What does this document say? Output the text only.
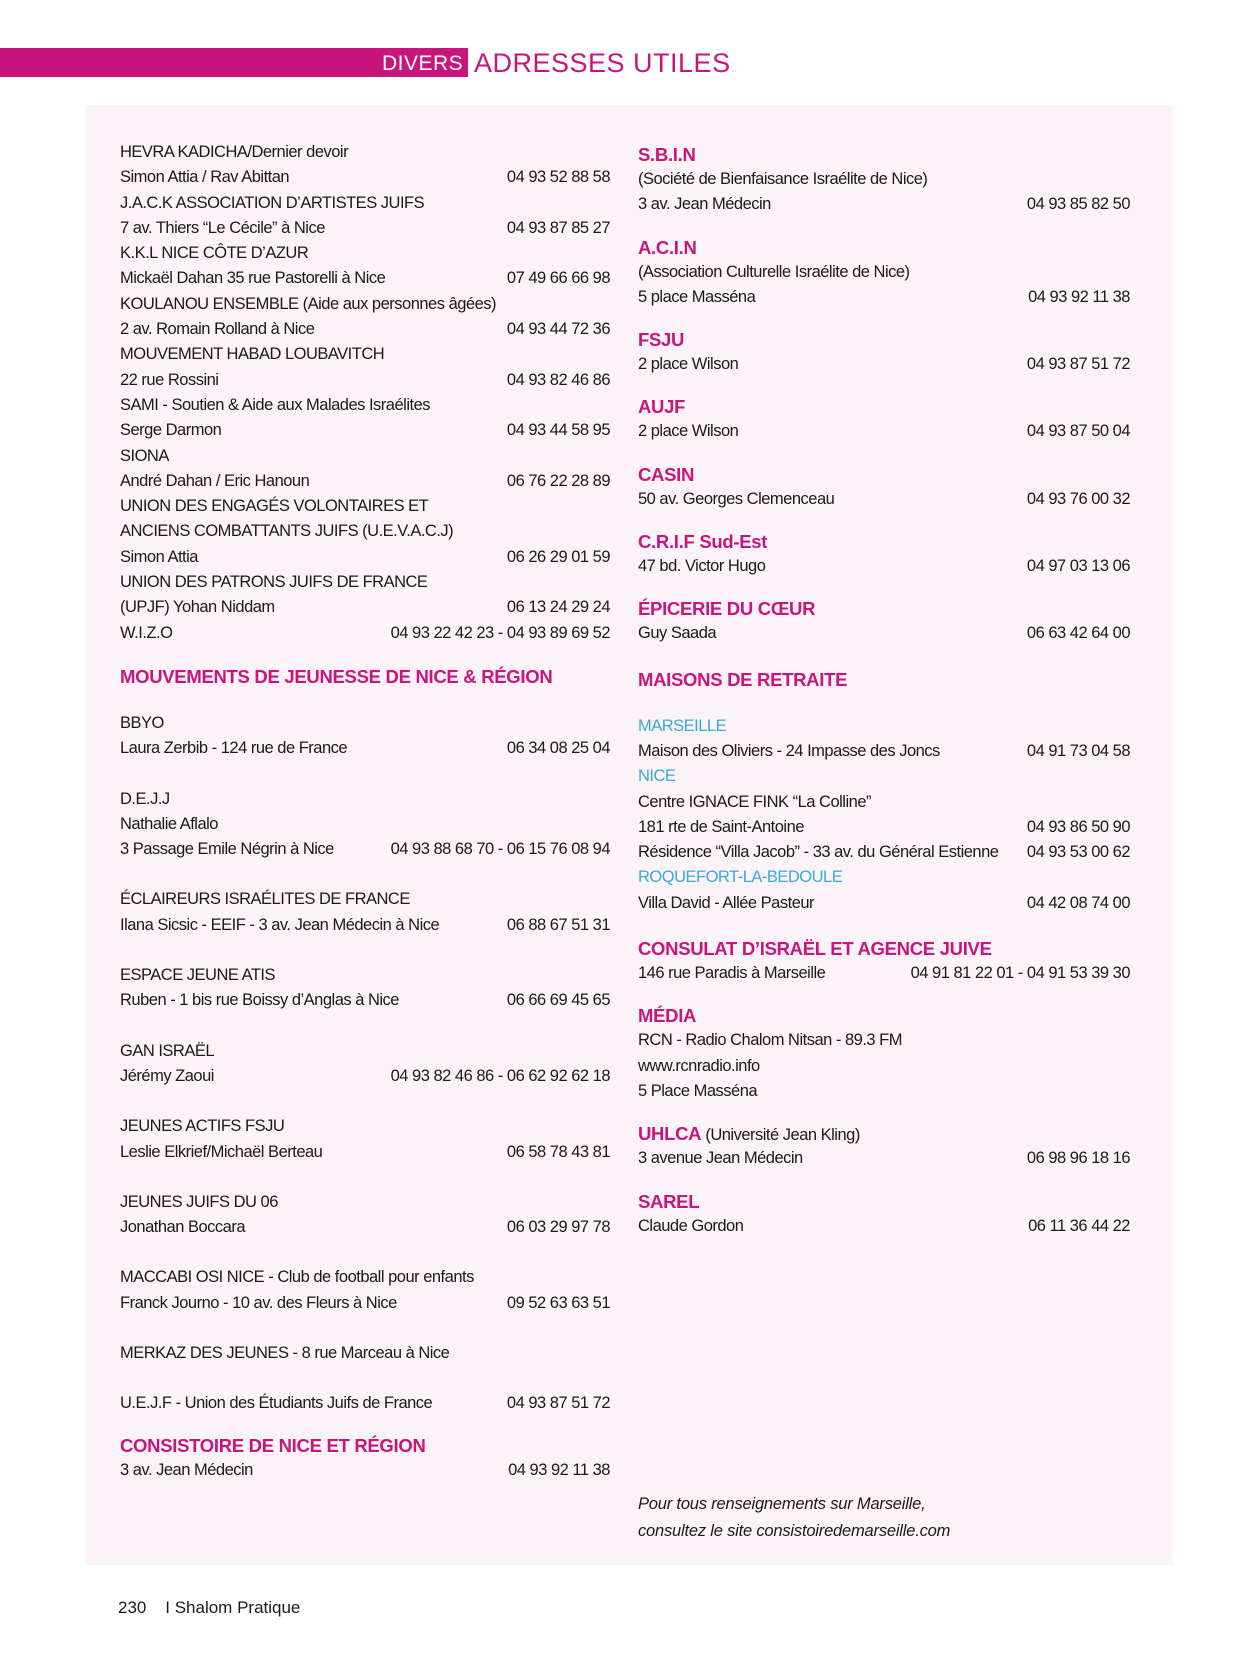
DIVERS ADRESSES UTILES
HEVRA KADICHA/Dernier devoir
Simon Attia / Rav Abittan	04 93 52 88 58
J.A.C.K ASSOCIATION D’ARTISTES JUIFS
7 av. Thiers “Le Cécile” à Nice	04 93 87 85 27
K.K.L NICE CÔTE D’AZUR
Mickaël Dahan 35 rue Pastorelli à Nice	07 49 66 66 98
KOULANOU ENSEMBLE (Aide aux personnes âgées)
2 av. Romain Rolland à Nice	04 93 44 72 36
MOUVEMENT HABAD LOUBAVITCH
22 rue Rossini	04 93 82 46 86
SAMI - Soutien & Aide aux Malades Israélites
Serge Darmon	04 93 44 58 95
SIONA
André Dahan / Eric Hanoun	06 76 22 28 89
UNION DES ENGAGÉS VOLONTAIRES ET
ANCIENS COMBATTANTS JUIFS (U.E.V.A.C.J)
Simon Attia	06 26 29 01 59
UNION DES PATRONS JUIFS DE FRANCE
(UPJF) Yohan Niddam	06 13 24 29 24
W.I.Z.O	04 93 22 42 23 - 04 93 89 69 52
MOUVEMENTS DE JEUNESSE DE NICE & RÉGION
BBYO
Laura Zerbib - 124 rue de France	06 34 08 25 04
D.E.J.J
Nathalie Aflalo
3 Passage Emile Négrin à Nice	04 93 88 68 70 - 06 15 76 08 94
ÉCLAIREURS ISRAÉLITES DE FRANCE
Ilana Sicsic - EEIF - 3 av. Jean Médecin à Nice	06 88 67 51 31
ESPACE JEUNE ATIS
Ruben - 1 bis rue Boissy d’Anglas à Nice	06 66 69 45 65
GAN ISRAËL
Jérémy Zaoui	04 93 82 46 86 - 06 62 92 62 18
JEUNES ACTIFS FSJU
Leslie Elkrief/Michaël Berteau	06 58 78 43 81
JEUNES JUIFS DU 06
Jonathan Boccara	06 03 29 97 78
MACCABI OSI NICE - Club de football pour enfants
Franck Journo - 10 av. des Fleurs à Nice	09 52 63 63 51
MERKAZ DES JEUNES - 8 rue Marceau à Nice
U.E.J.F - Union des Étudiants Juifs de France	04 93 87 51 72
CONSISTOIRE DE NICE ET RÉGION
3 av. Jean Médecin	04 93 92 11 38
S.B.I.N
(Société de Bienfaisance Israélite de Nice)
3 av. Jean Médecin	04 93 85 82 50
A.C.I.N
(Association Culturelle Israélite de Nice)
5 place Masséna	04 93 92 11 38
FSJU
2 place Wilson	04 93 87 51 72
AUJF
2 place Wilson	04 93 87 50 04
CASIN
50 av. Georges Clemenceau	04 93 76 00 32
C.R.I.F Sud-Est
47 bd. Victor Hugo	04 97 03 13 06
ÉPICERIE DU CŒUR
Guy Saada	06 63 42 64 00
MAISONS DE RETRAITE
MARSEILLE
Maison des Oliviers - 24 Impasse des Joncs	04 91 73 04 58
NICE
Centre IGNACE FINK “La Colline”
181 rte de Saint-Antoine	04 93 86 50 90
Résidence “Villa Jacob” - 33 av. du Général Estienne 04 93 53 00 62
ROQUEFORT-LA-BEDOULE
Villa David - Allée Pasteur	04 42 08 74 00
CONSULAT D’ISRAËL ET AGENCE JUIVE
146 rue Paradis à Marseille	04 91 81 22 01 - 04 91 53 39 30
MÉDIA
RCN - Radio Chalom Nitsan - 89.3 FM
www.rcnradio.info
5 Place Masséna
UHLCA (Université Jean Kling)
3 avenue Jean Médecin	06 98 96 18 16
SAREL
Claude Gordon	06 11 36 44 22
Pour tous renseignements sur Marseille,
consultez le site consistoiredemarseille.com
230    I Shalom Pratique
